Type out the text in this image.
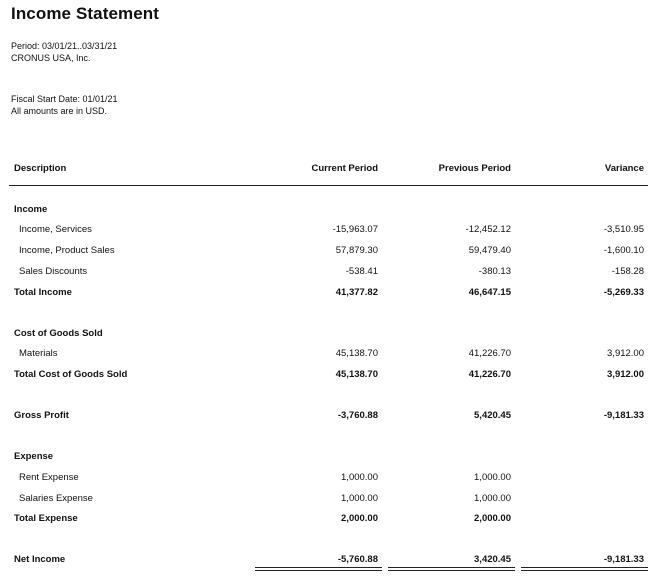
Income Statement
Period: 03/01/21..03/31/21
CRONUS USA, Inc.
Fiscal Start Date: 01/01/21
All amounts are in USD.
Description	Current Period	Previous Period	Variance
Income
Income, Services	-15,963.07	-12,452.12	-3,510.95
Income, Product Sales	57,879.30	59,479.40	-1,600.10
Sales Discounts	-538.41	-380.13	-158.28
Total Income	41,377.82	46,647.15	-5,269.33
Cost of Goods Sold
Materials	45,138.70	41,226.70	3,912.00
Total Cost of Goods Sold	45,138.70	41,226.70	3,912.00
Gross Profit	-3,760.88	5,420.45	-9,181.33
Expense
Rent Expense	1,000.00	1,000.00
Salaries Expense	1,000.00	1,000.00
Total Expense	2,000.00	2,000.00
Net Income	-5,760.88	3,420.45	-9,181.33
